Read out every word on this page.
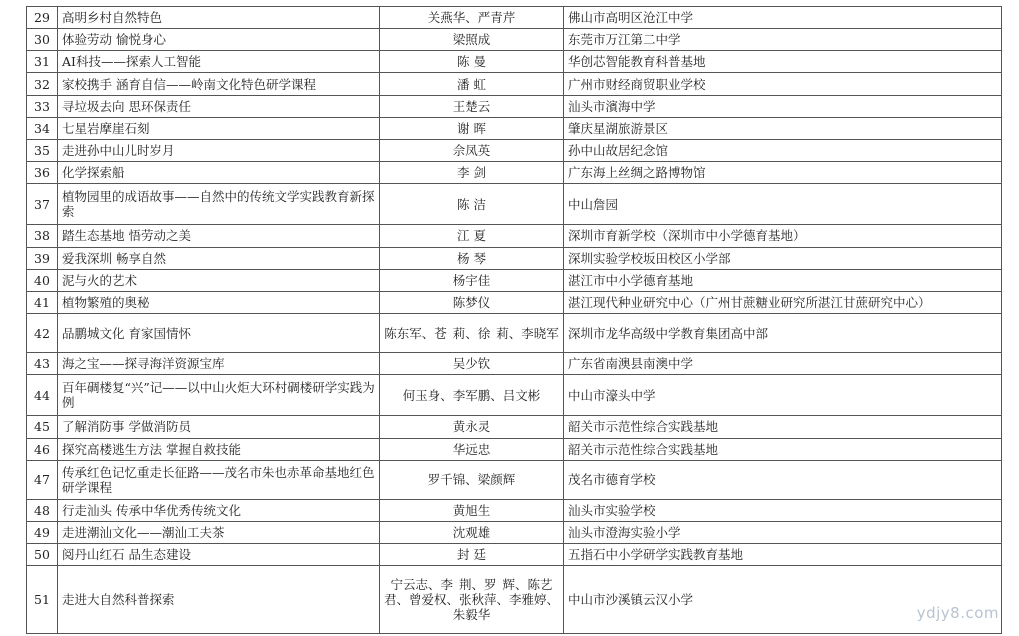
29	高明乡村自然特色	关燕华、严青芹	佛山市高明区沧江中学
30	体验劳动 愉悦身心	梁照成	东莞市万江第二中学
31	AI科技——探索人工智能	陈 曼	华创芯智能教育科普基地
32	家校携手 涵育自信——岭南文化特色研学课程	潘 虹	广州市财经商贸职业学校
33	寻垃圾去向 思环保责任	王楚云	汕头市濱海中学
34	七星岩摩崖石刻	谢 晖	肇庆星湖旅游景区
35	走进孙中山儿时岁月	佘凤英	孙中山故居纪念馆
36	化学探索船	李 剑	广东海上丝绸之路博物馆
37	植物园里的成语故事——自然中的传统文学实践教育新探索	陈 洁	中山詹园
38	踏生态基地 悟劳动之美	江 夏	深圳市育新学校（深圳市中小学德育基地）
39	爱我深圳 畅享自然	杨 琴	深圳实验学校坂田校区小学部
40	泥与火的艺术	杨宇佳	湛江市中小学德育基地
41	植物繁殖的奥秘	陈梦仪	湛江现代种业研究中心（广州甘蔗糖业研究所湛江甘蔗研究中心）
42	品鹏城文化 育家国情怀	陈东军、苍 莉、徐 莉、李晓军	深圳市龙华高级中学教育集团高中部
43	海之宝——探寻海洋资源宝库	吴少钦	广东省南澳县南澳中学
44	百年碉楼复“兴”记——以中山火炬大环村碉楼研学实践为例	何玉身、李军鹏、吕文彬	中山市濠头中学
45	了解消防事 学做消防员	黄永灵	韶关市示范性综合实践基地
46	探究高楼逃生方法 掌握自救技能	华远忠	韶关市示范性综合实践基地
47	传承红色记忆重走长征路——茂名市朱也赤革命基地红色研学课程	罗千锦、梁颜辉	茂名市德育学校
48	行走汕头 传承中华优秀传统文化	黄旭生	汕头市实验学校
49	走进潮汕文化——潮汕工夫茶	沈观雄	汕头市澄海实验小学
50	阅丹山红石 品生态建设	封 廷	五指石中小学研学实践教育基地
51	走进大自然科普探索	宁云志、李 荆、罗 辉、陈艺君、曾爱权、张秋萍、李雅婷、朱毅华	中山市沙溪镇云汉小学
ydjy8.com
